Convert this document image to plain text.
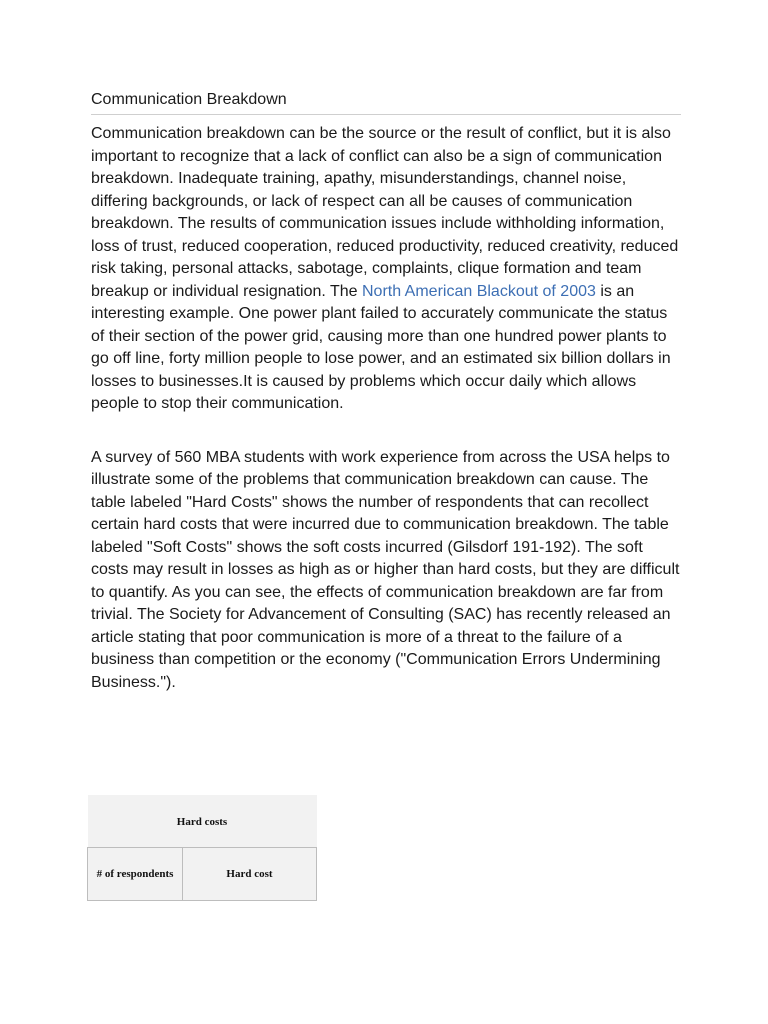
Communication Breakdown

Communication breakdown can be the source or the result of conflict, but it is also important to recognize that a lack of conflict can also be a sign of communication breakdown. Inadequate training, apathy, misunderstandings, channel noise, differing backgrounds, or lack of respect can all be causes of communication breakdown. The results of communication issues include withholding information, loss of trust, reduced cooperation, reduced productivity, reduced creativity, reduced risk taking, personal attacks, sabotage, complaints, clique formation and team breakup or individual resignation. The North American Blackout of 2003 is an interesting example. One power plant failed to accurately communicate the status of their section of the power grid, causing more than one hundred power plants to go off line, forty million people to lose power, and an estimated six billion dollars in losses to businesses.It is caused by problems which occur daily which allows people to stop their communication.

A survey of 560 MBA students with work experience from across the USA helps to illustrate some of the problems that communication breakdown can cause. The table labeled "Hard Costs" shows the number of respondents that can recollect certain hard costs that were incurred due to communication breakdown. The table labeled "Soft Costs" shows the soft costs incurred (Gilsdorf 191-192). The soft costs may result in losses as high as or higher than hard costs, but they are difficult to quantify. As you can see, the effects of communication breakdown are far from trivial. The Society for Advancement of Consulting (SAC) has recently released an article stating that poor communication is more of a threat to the failure of a business than competition or the economy ("Communication Errors Undermining Business.").

Hard costs
# of respondents	Hard cost
